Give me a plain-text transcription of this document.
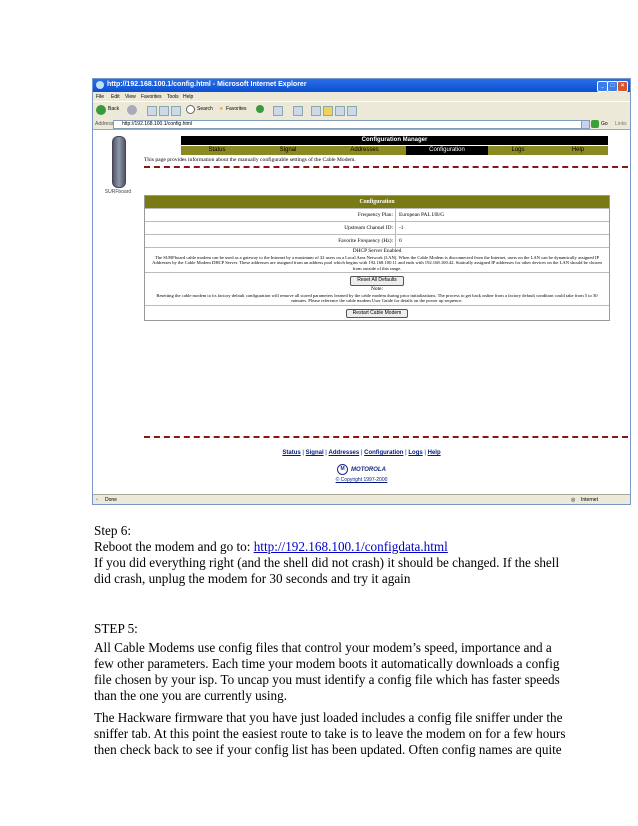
http://192.168.100.1/config.html - Microsoft Internet Explorer	_	□	×
File Edit View Favorites Tools Help
Back	Search ★ Favorites
Address http://192.168.100.1/config.html	Go Links
SURFboard
Configuration Manager
Status	Signal	Addresses	Configuration	Logs	Help
This page provides information about the manually configurable settings of the Cable Modem.
Configuration
Frequency Plan: European PAL I/B/G
Upstream Channel ID: -1
Favorite Frequency (Hz): 0
DHCP Server Enabled
The SURFboard cable modem can be used as a gateway to the Internet by a maximum of 32 users on a Local Area Network (LAN). When the Cable Modem is disconnected from the Internet, users on the LAN can be dynamically assigned IP Addresses by the Cable Modem DHCP Server. These addresses are assigned from an address pool which begins with 192.168.100.11 and ends with 192.168.100.42. Statically assigned IP addresses for other devices on the LAN should be chosen from outside of this range.
Reset All Defaults
Note:
Resetting the cable modem to its factory default configuration will remove all stored parameters learned by the cable modem during prior initializations. The process to get back online from a factory default condition could take from 5 to 30 minutes. Please reference the cable modem User Guide for details on the power up sequence.
Restart Cable Modem
Status | Signal | Addresses | Configuration | Logs | Help
M MOTOROLA
© Copyright 1997-2000
▫ Done	◎ Internet

Step 6:

Reboot the modem and go to: http://192.168.100.1/configdata.html

If you did everything right (and the shell did not crash) it should be changed. If the shell

did crash, unplug the modem for 30 seconds and try it again

STEP 5:

All Cable Modems use config files that control your modem’s speed, importance and a

few other parameters. Each time your modem boots it automatically downloads a config

file chosen by your isp. To uncap you must identify a config file which has faster speeds

than the one you are currently using.

The Hackware firmware that you have just loaded includes a config file sniffer under the

sniffer tab. At this point the easiest route to take is to leave the modem on for a few hours

then check back to see if your config list has been updated. Often config names are quite
